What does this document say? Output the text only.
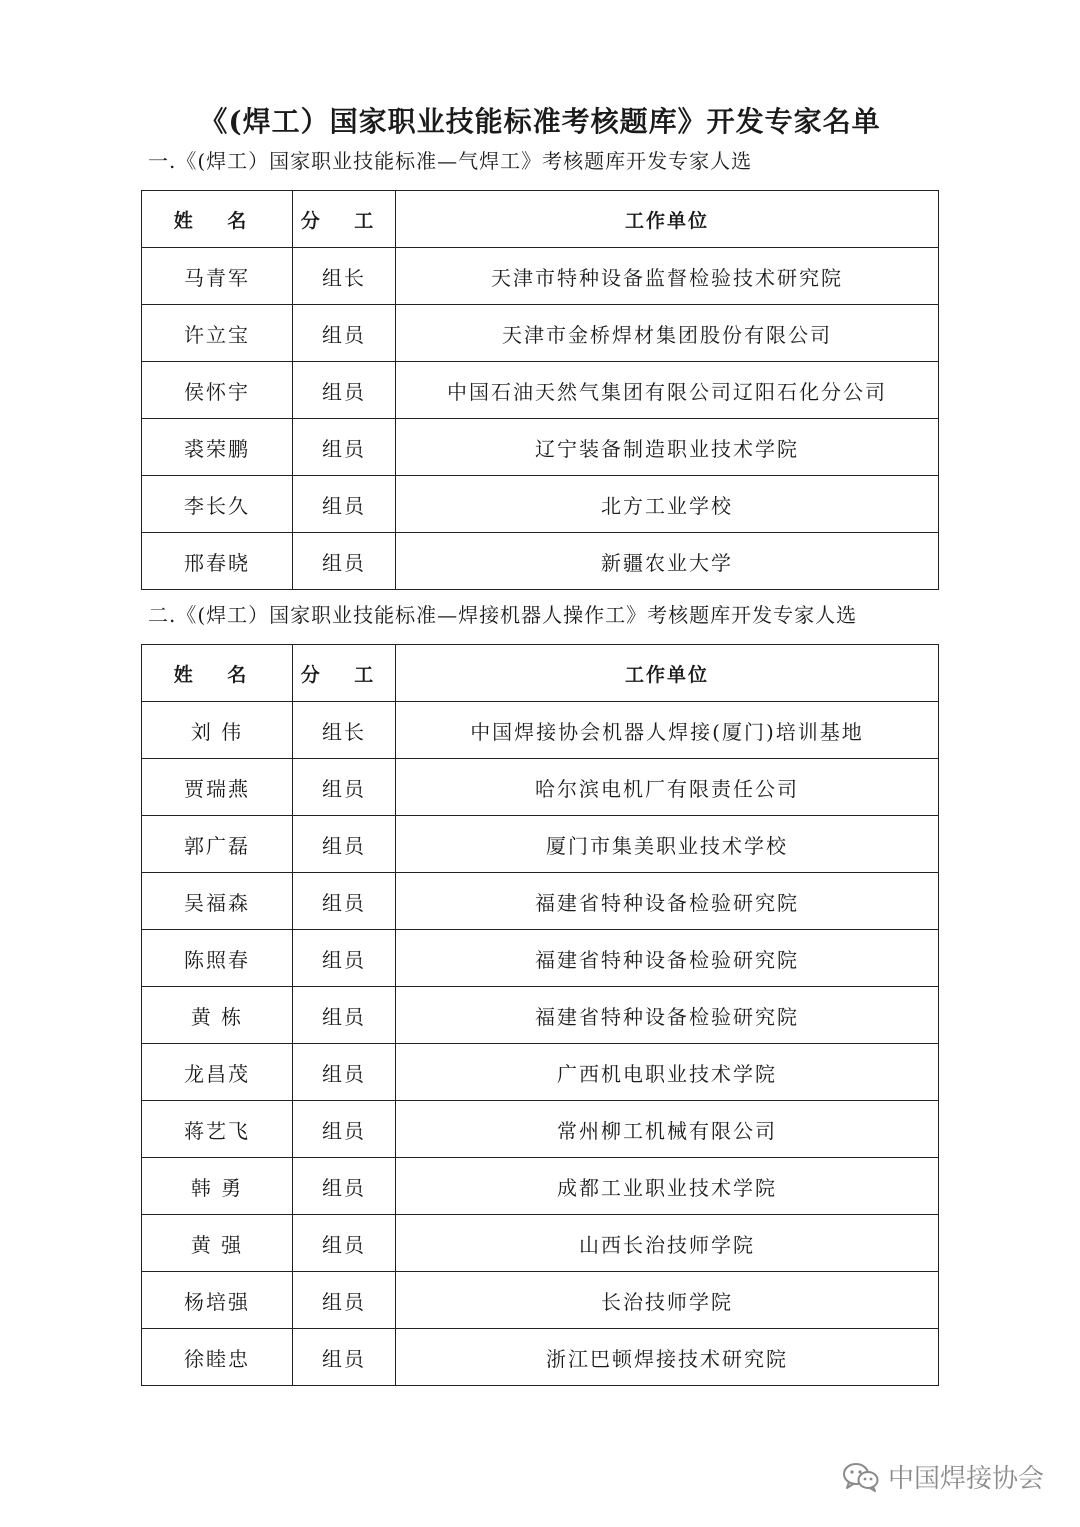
《(焊工）国家职业技能标准考核题库》开发专家名单
一.《(焊工）国家职业技能标准—气焊工》考核题库开发专家人选
姓 名	分 工	工作单位
马青军	组长	天津市特种设备监督检验技术研究院
许立宝	组员	天津市金桥焊材集团股份有限公司
侯怀宇	组员	中国石油天然气集团有限公司辽阳石化分公司
裘荣鹏	组员	辽宁装备制造职业技术学院
李长久	组员	北方工业学校
邢春晓	组员	新疆农业大学
二.《(焊工）国家职业技能标准—焊接机器人操作工》考核题库开发专家人选
姓 名	分 工	工作单位
刘 伟	组长	中国焊接协会机器人焊接(厦门)培训基地
贾瑞燕	组员	哈尔滨电机厂有限责任公司
郭广磊	组员	厦门市集美职业技术学校
吴福森	组员	福建省特种设备检验研究院
陈照春	组员	福建省特种设备检验研究院
黄 栋	组员	福建省特种设备检验研究院
龙昌茂	组员	广西机电职业技术学院
蒋艺飞	组员	常州柳工机械有限公司
韩 勇	组员	成都工业职业技术学院
黄 强	组员	山西长治技师学院
杨培强	组员	长治技师学院
徐睦忠	组员	浙江巴顿焊接技术研究院
中国焊接协会
